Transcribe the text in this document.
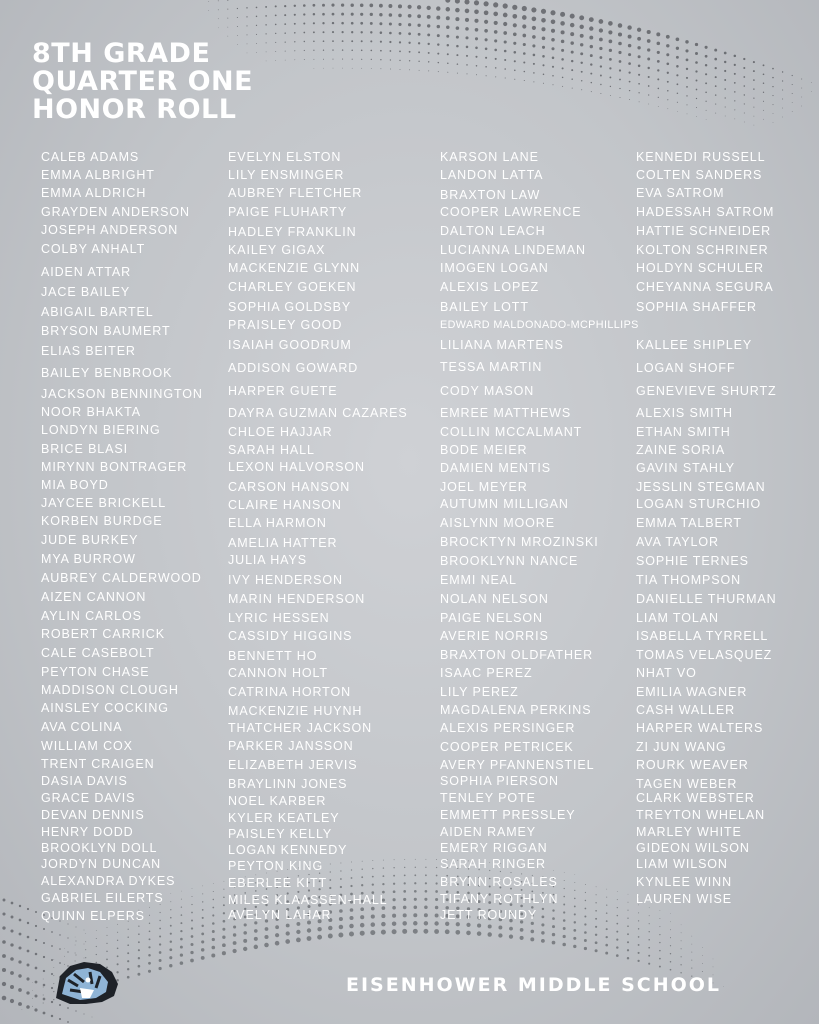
8TH GRADE
QUARTER ONE
HONOR ROLL
CALEB ADAMS
EMMA ALBRIGHT
EMMA ALDRICH
GRAYDEN ANDERSON
JOSEPH ANDERSON
COLBY ANHALT
AIDEN ATTAR
JACE BAILEY
ABIGAIL BARTEL
BRYSON BAUMERT
ELIAS BEITER
BAILEY BENBROOK
JACKSON BENNINGTON
NOOR BHAKTA
LONDYN BIERING
BRICE BLASI
MIRYNN BONTRAGER
MIA BOYD
JAYCEE BRICKELL
KORBEN BURDGE
JUDE BURKEY
MYA BURROW
AUBREY CALDERWOOD
AIZEN CANNON
AYLIN CARLOS
ROBERT CARRICK
CALE CASEBOLT
PEYTON CHASE
MADDISON CLOUGH
AINSLEY COCKING
AVA COLINA
WILLIAM COX
TRENT CRAIGEN
DASIA DAVIS
GRACE DAVIS
DEVAN DENNIS
HENRY DODD
BROOKLYN DOLL
JORDYN DUNCAN
ALEXANDRA DYKES
GABRIEL EILERTS
QUINN ELPERS
EVELYN ELSTON
LILY ENSMINGER
AUBREY FLETCHER
PAIGE FLUHARTY
HADLEY FRANKLIN
KAILEY GIGAX
MACKENZIE GLYNN
CHARLEY GOEKEN
SOPHIA GOLDSBY
PRAISLEY GOOD
ISAIAH GOODRUM
ADDISON GOWARD
HARPER GUETE
DAYRA GUZMAN CAZARES
CHLOE HAJJAR
SARAH HALL
LEXON HALVORSON
CARSON HANSON
CLAIRE HANSON
ELLA HARMON
AMELIA HATTER
JULIA HAYS
IVY HENDERSON
MARIN HENDERSON
LYRIC HESSEN
CASSIDY HIGGINS
BENNETT HO
CANNON HOLT
CATRINA HORTON
MACKENZIE HUYNH
THATCHER JACKSON
PARKER JANSSON
ELIZABETH JERVIS
BRAYLINN JONES
NOEL KARBER
KYLER KEATLEY
PAISLEY KELLY
LOGAN KENNEDY
PEYTON KING
EBERLEE KITT
MILES KLAASSEN-HALL
AVELYN LAHAR
KARSON LANE
LANDON LATTA
BRAXTON LAW
COOPER LAWRENCE
DALTON LEACH
LUCIANNA LINDEMAN
IMOGEN LOGAN
ALEXIS LOPEZ
BAILEY LOTT
EDWARD MALDONADO-MCPHILLIPS
LILIANA MARTENS
TESSA MARTIN
CODY MASON
EMREE MATTHEWS
COLLIN MCCALMANT
BODE MEIER
DAMIEN MENTIS
JOEL MEYER
AUTUMN MILLIGAN
AISLYNN MOORE
BROCKTYN MROZINSKI
BROOKLYNN NANCE
EMMI NEAL
NOLAN NELSON
PAIGE NELSON
AVERIE NORRIS
BRAXTON OLDFATHER
ISAAC PEREZ
LILY PEREZ
MAGDALENA PERKINS
ALEXIS PERSINGER
COOPER PETRICEK
AVERY PFANNENSTIEL
SOPHIA PIERSON
TENLEY POTE
EMMETT PRESSLEY
AIDEN RAMEY
EMERY RIGGAN
SARAH RINGER
BRYNN ROSALES
TIFANY ROTHLYN
JETT ROUNDY
KENNEDI RUSSELL
COLTEN SANDERS
EVA SATROM
HADESSAH SATROM
HATTIE SCHNEIDER
KOLTON SCHRINER
HOLDYN SCHULER
CHEYANNA SEGURA
SOPHIA SHAFFER
KALLEE SHIPLEY
LOGAN SHOFF
GENEVIEVE SHURTZ
ALEXIS SMITH
ETHAN SMITH
ZAINE SORIA
GAVIN STAHLY
JESSLIN STEGMAN
LOGAN STURCHIO
EMMA TALBERT
AVA TAYLOR
SOPHIE TERNES
TIA THOMPSON
DANIELLE THURMAN
LIAM TOLAN
ISABELLA TYRRELL
TOMAS VELASQUEZ
NHAT VO
EMILIA WAGNER
CASH WALLER
HARPER WALTERS
ZI JUN WANG
ROURK WEAVER
TAGEN WEBER
CLARK WEBSTER
TREYTON WHELAN
MARLEY WHITE
GIDEON WILSON
LIAM WILSON
KYNLEE WINN
LAUREN WISE
EISENHOWER MIDDLE SCHOOL
